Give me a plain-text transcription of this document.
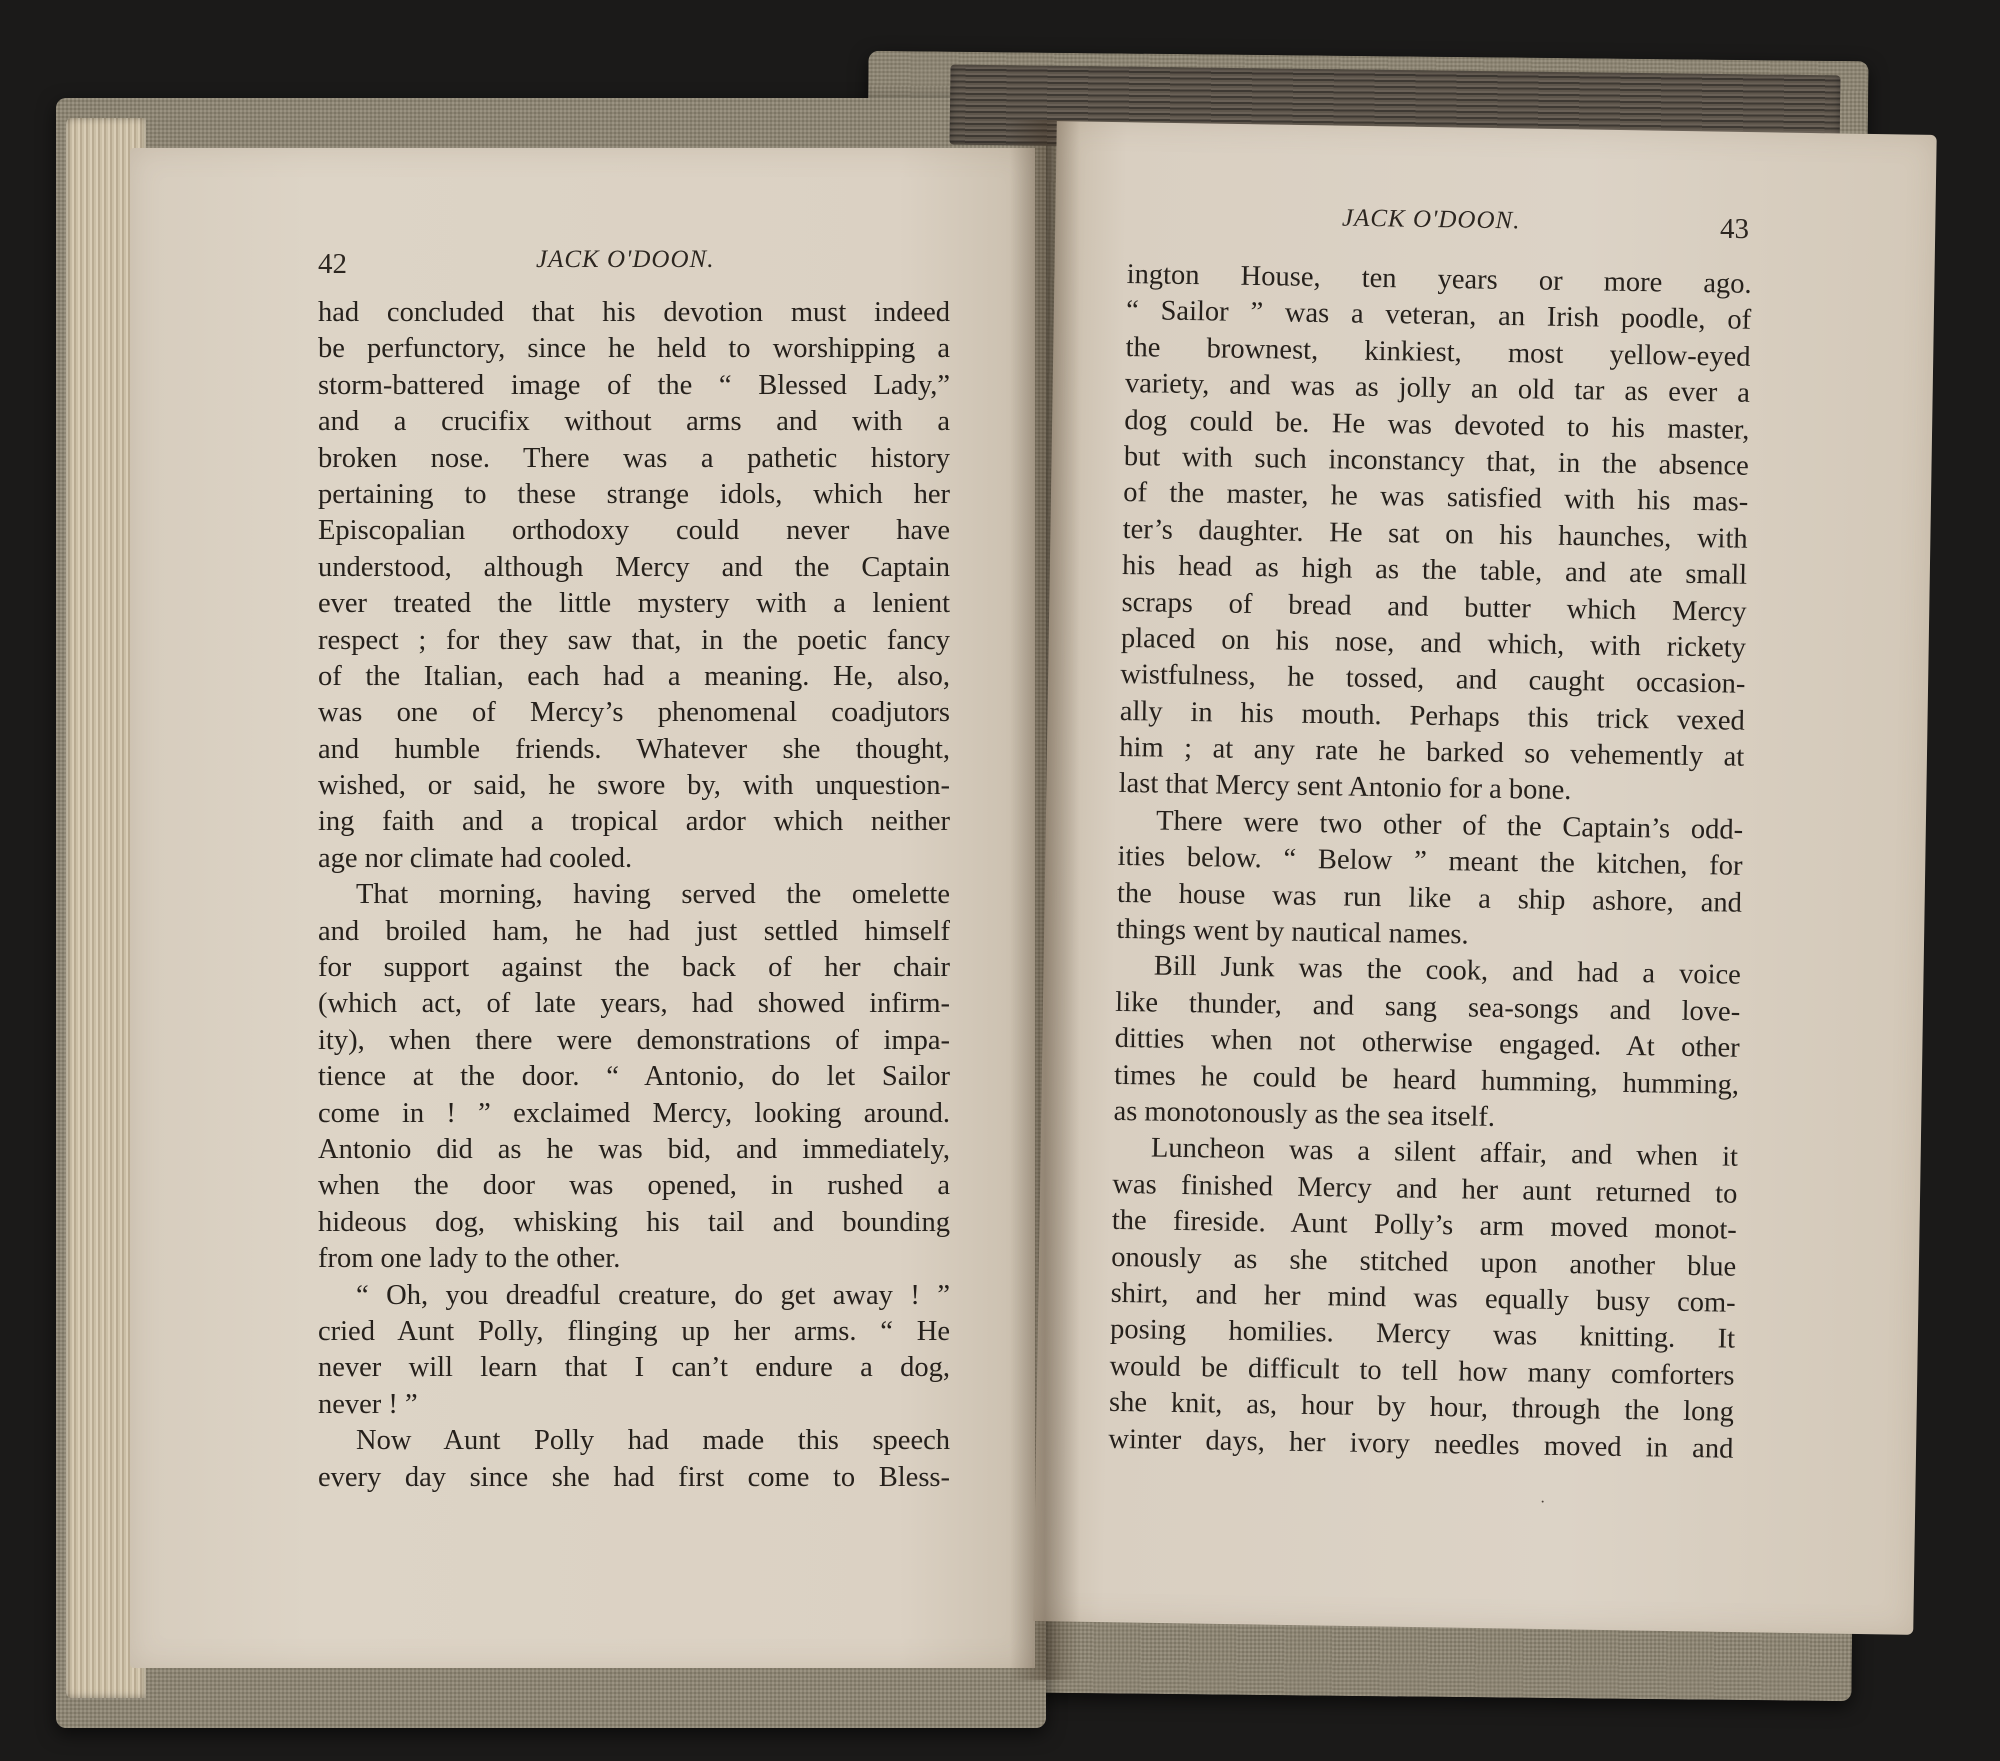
42	JACK O'DOON.
JACK O'DOON.	43
had concluded that his devotion must indeed
be perfunctory, since he held to worshipping a
storm-battered image of the “ Blessed Lady,”
and a crucifix without arms and with a
broken nose. There was a pathetic history
pertaining to these strange idols, which her
Episcopalian orthodoxy could never have
understood, although Mercy and the Captain
ever treated the little mystery with a lenient
respect ; for they saw that, in the poetic fancy
of the Italian, each had a meaning. He, also,
was one of Mercy’s phenomenal coadjutors
and humble friends. Whatever she thought,
wished, or said, he swore by, with unquestion-
ing faith and a tropical ardor which neither
age nor climate had cooled.
That morning, having served the omelette
and broiled ham, he had just settled himself
for support against the back of her chair
(which act, of late years, had showed infirm-
ity), when there were demonstrations of impa-
tience at the door. “ Antonio, do let Sailor
come in ! ” exclaimed Mercy, looking around.
Antonio did as he was bid, and immediately,
when the door was opened, in rushed a
hideous dog, whisking his tail and bounding
from one lady to the other.
“ Oh, you dreadful creature, do get away ! ”
cried Aunt Polly, flinging up her arms. “ He
never will learn that I can’t endure a dog,
never ! ”
Now Aunt Polly had made this speech
every day since she had first come to Bless-
ington House, ten years or more ago.
“ Sailor ” was a veteran, an Irish poodle, of
the brownest, kinkiest, most yellow-eyed
variety, and was as jolly an old tar as ever a
dog could be. He was devoted to his master,
but with such inconstancy that, in the absence
of the master, he was satisfied with his mas-
ter’s daughter. He sat on his haunches, with
his head as high as the table, and ate small
scraps of bread and butter which Mercy
placed on his nose, and which, with rickety
wistfulness, he tossed, and caught occasion-
ally in his mouth. Perhaps this trick vexed
him ; at any rate he barked so vehemently at
last that Mercy sent Antonio for a bone.
There were two other of the Captain’s odd-
ities below. “ Below ” meant the kitchen, for
the house was run like a ship ashore, and
things went by nautical names.
Bill Junk was the cook, and had a voice
like thunder, and sang sea-songs and love-
ditties when not otherwise engaged. At other
times he could be heard humming, humming,
as monotonously as the sea itself.
Luncheon was a silent affair, and when it
was finished Mercy and her aunt returned to
the fireside. Aunt Polly’s arm moved monot-
onously as she stitched upon another blue
shirt, and her mind was equally busy com-
posing homilies. Mercy was knitting. It
would be difficult to tell how many comforters
she knit, as, hour by hour, through the long
winter days, her ivory needles moved in and
·
